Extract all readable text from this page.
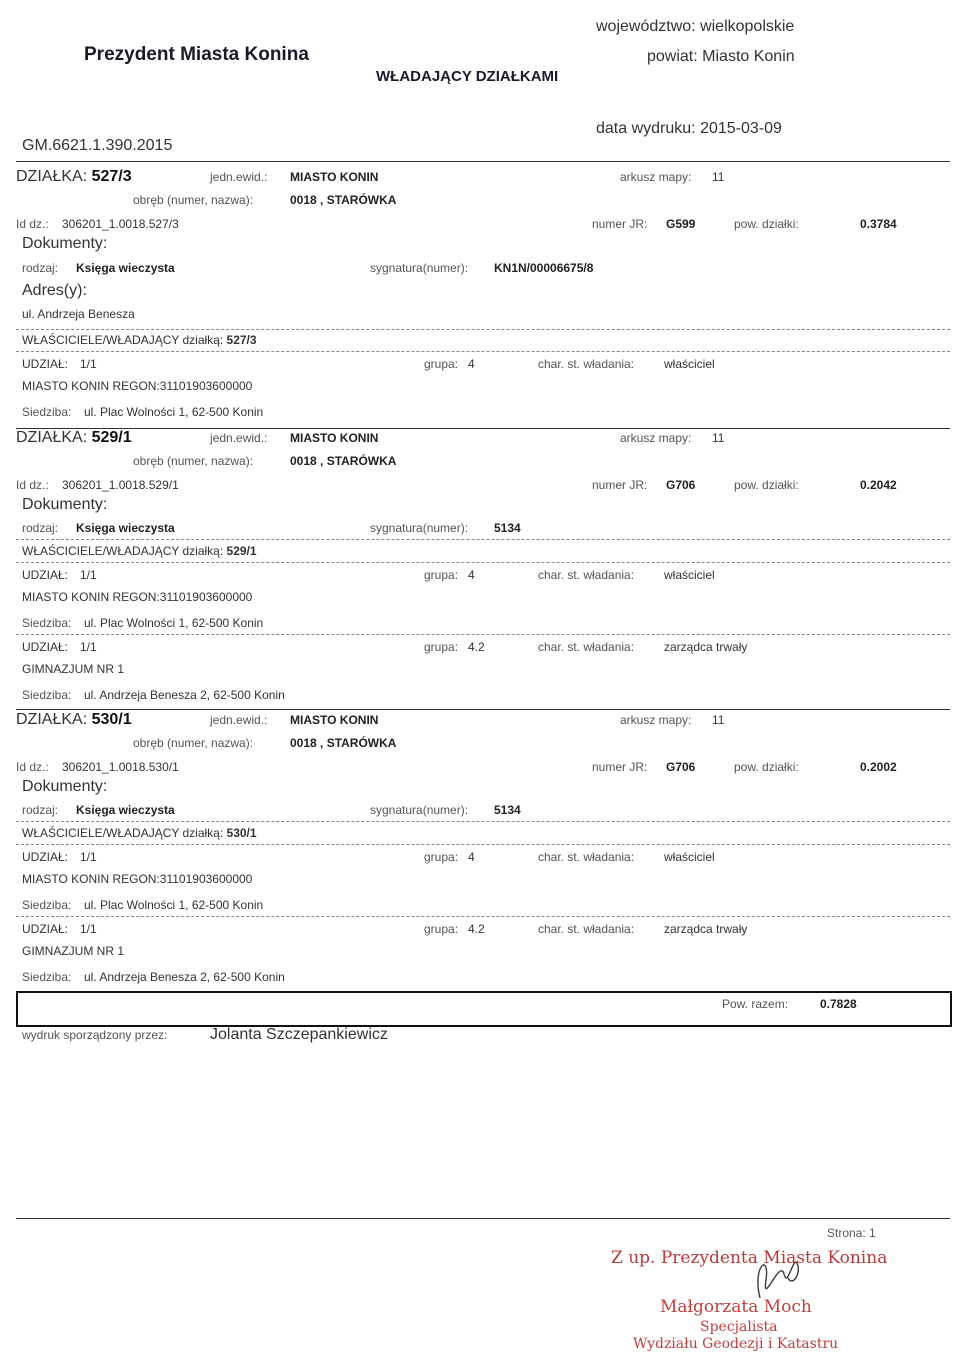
województwo: wielkopolskie
Prezydent Miasta Konina	powiat: Miasto Konin
WŁADAJĄCY DZIAŁKAMI
data wydruku: 2015-03-09
GM.6621.1.390.2015
DZIAŁKA: 527/3	jedn.ewid.: MIASTO KONIN	arkusz mapy: 11
obręb (numer, nazwa):	0018 , STARÓWKA
Id dz.: 306201_1.0018.527/3	numer JR: G599	pow. działki:	0.3784
Dokumenty:
rodzaj: Księga wieczysta	sygnatura(numer): KN1N/00006675/8
Adres(y):
ul. Andrzeja Benesza
WŁAŚCICIELE/WŁADAJĄCY działką: 527/3
UDZIAŁ: 1/1	grupa: 4	char. st. władania: właściciel
MIASTO KONIN REGON:31101903600000
Siedziba: ul. Plac Wolności 1, 62-500 Konin
DZIAŁKA: 529/1	jedn.ewid.: MIASTO KONIN	arkusz mapy: 11
obręb (numer, nazwa):	0018 , STARÓWKA
Id dz.: 306201_1.0018.529/1	numer JR: G706	pow. działki:	0.2042
Dokumenty:
rodzaj: Księga wieczysta	sygnatura(numer): 5134
WŁAŚCICIELE/WŁADAJĄCY działką: 529/1
UDZIAŁ: 1/1	grupa: 4	char. st. władania: właściciel
MIASTO KONIN REGON:31101903600000
Siedziba: ul. Plac Wolności 1, 62-500 Konin
UDZIAŁ: 1/1	grupa: 4.2	char. st. władania: zarządca trwały
GIMNAZJUM NR 1
Siedziba: ul. Andrzeja Benesza 2, 62-500 Konin
DZIAŁKA: 530/1	jedn.ewid.: MIASTO KONIN	arkusz mapy: 11
obręb (numer, nazwa):	0018 , STARÓWKA
Id dz.: 306201_1.0018.530/1	numer JR: G706	pow. działki:	0.2002
Dokumenty:
rodzaj: Księga wieczysta	sygnatura(numer): 5134
WŁAŚCICIELE/WŁADAJĄCY działką: 530/1
UDZIAŁ: 1/1	grupa: 4	char. st. władania: właściciel
MIASTO KONIN REGON:31101903600000
Siedziba: ul. Plac Wolności 1, 62-500 Konin
UDZIAŁ: 1/1	grupa: 4.2	char. st. władania: zarządca trwały
GIMNAZJUM NR 1
Siedziba: ul. Andrzeja Benesza 2, 62-500 Konin
Pow. razem:	0.7828
wydruk sporządzony przez:	Jolanta Szczepankiewicz
Strona: 1
Z up. Prezydenta Miasta Konina
Małgorzata Moch
Specjalista
Wydziału Geodezji i Katastru
